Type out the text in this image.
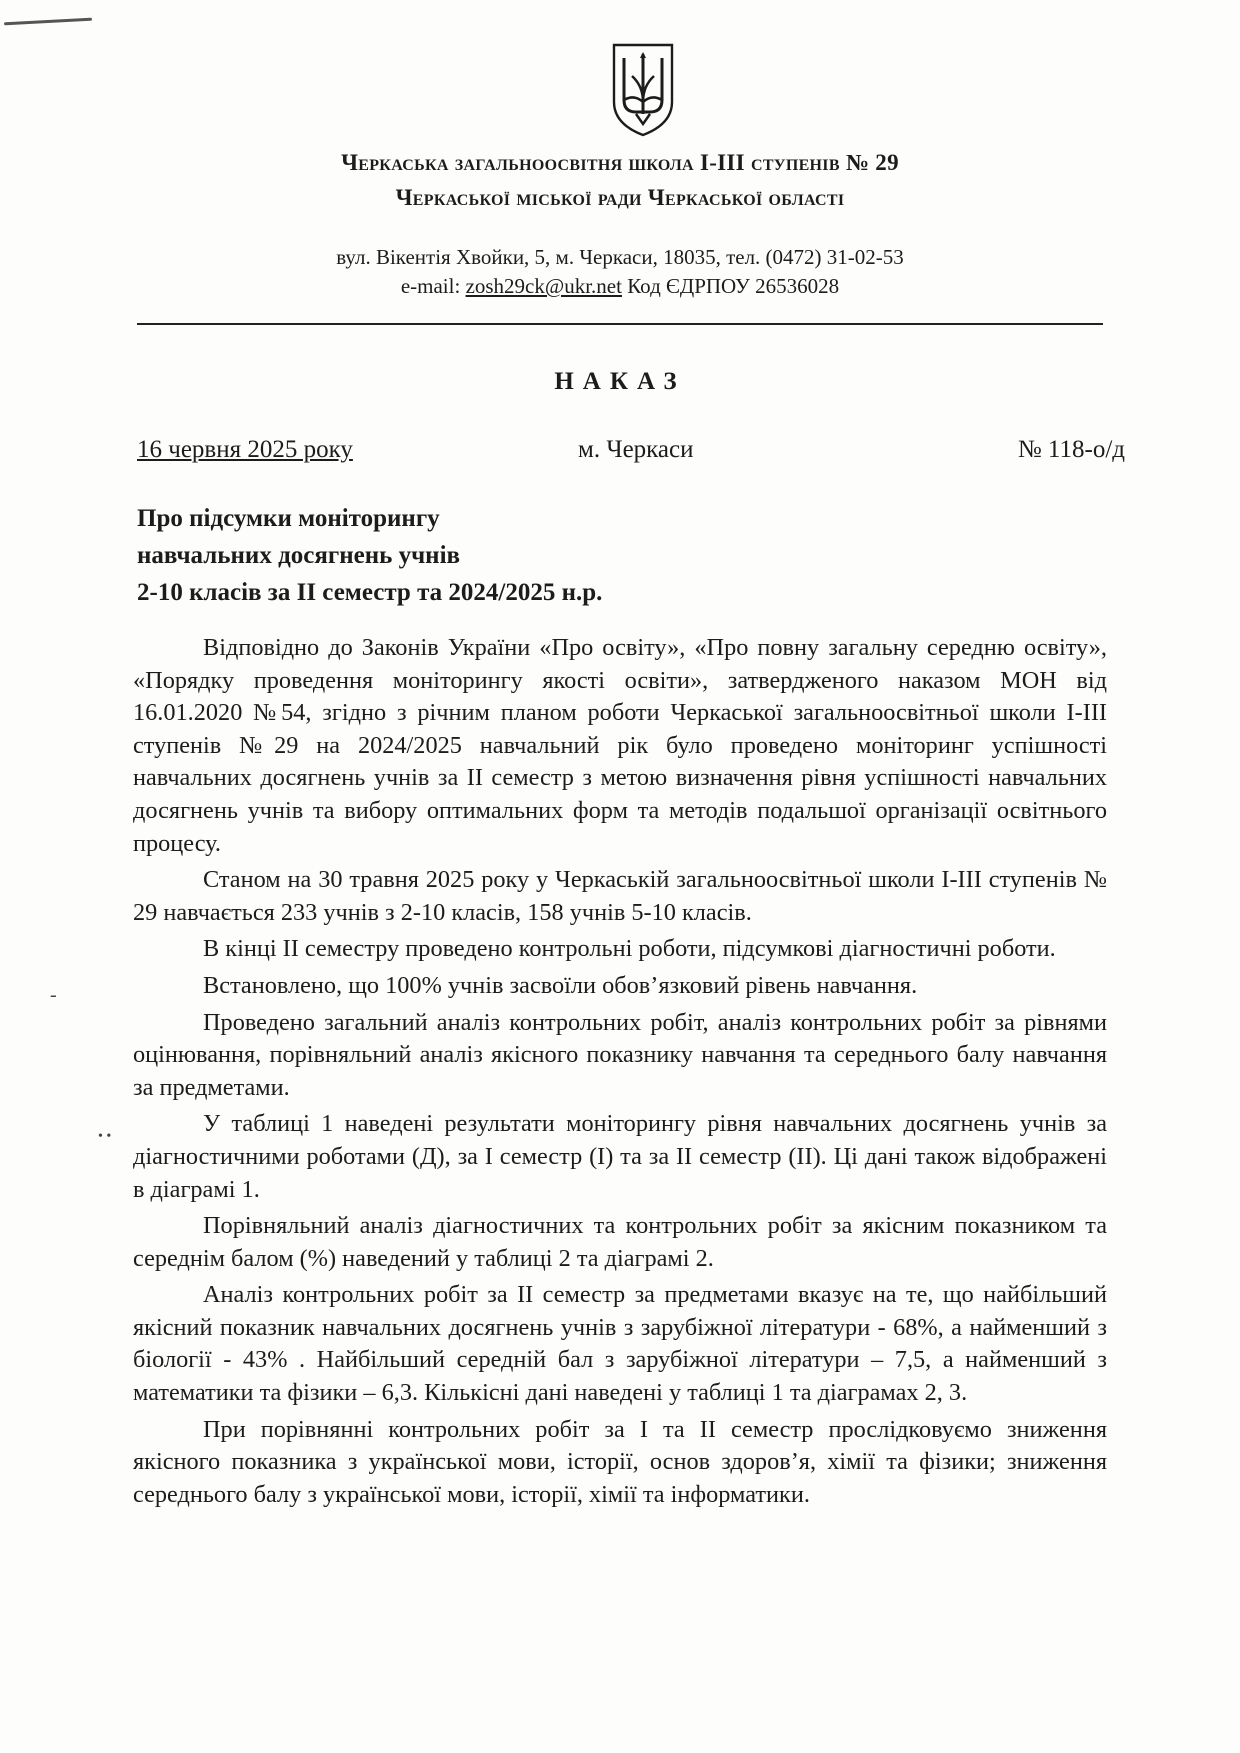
-
• •
Черкаська загальноосвітня школа І-ІІІ ступенів № 29
Черкаської міської ради Черкаської області
вул. Вікентія Хвойки, 5, м. Черкаси, 18035, тел. (0472) 31-02-53
e-mail: zosh29ck@ukr.net Код ЄДРПОУ 26536028
НАКАЗ
16 червня 2025 року	м. Черкаси	№ 118-о/д
Про підсумки моніторингу
навчальних досягнень учнів
2-10 класів за ІІ семестр та 2024/2025 н.р.

Відповідно до Законів України «Про освіту», «Про повну загальну середню освіту», «Порядку проведення моніторингу якості освіти», затвердженого наказом МОН від 16.01.2020 №54, згідно з річним планом роботи Черкаської загальноосвітньої школи І-ІІІ ступенів №29 на 2024/2025 навчальний рік було проведено моніторинг успішності навчальних досягнень учнів за ІІ семестр з метою визначення рівня успішності навчальних досягнень учнів та вибору оптимальних форм та методів подальшої організації освітнього процесу.

Станом на 30 травня 2025 року у Черкаській загальноосвітньої школи І-ІІІ ступенів № 29 навчається 233 учнів з 2-10 класів, 158 учнів 5-10 класів.

В кінці ІІ семестру проведено контрольні роботи, підсумкові діагностичні роботи.

Встановлено, що 100% учнів засвоїли обов’язковий рівень навчання.

Проведено загальний аналіз контрольних робіт, аналіз контрольних робіт за рівнями оцінювання, порівняльний аналіз якісного показнику навчання та середнього балу навчання за предметами.

У таблиці 1 наведені результати моніторингу рівня навчальних досягнень учнів за діагностичними роботами (Д), за І семестр (І) та за ІІ семестр (ІІ). Ці дані також відображені в діаграмі 1.

Порівняльний аналіз діагностичних та контрольних робіт за якісним показником та середнім балом (%) наведений у таблиці 2 та діаграмі 2.

Аналіз контрольних робіт за ІІ семестр за предметами вказує на те, що найбільший якісний показник навчальних досягнень учнів з зарубіжної літератури - 68%, а найменший з біології - 43% . Найбільший середній бал з зарубіжної літератури – 7,5, а найменший з математики та фізики – 6,3. Кількісні дані наведені у таблиці 1 та діаграмах 2, 3.

При порівнянні контрольних робіт за І та ІІ семестр прослідковуємо зниження якісного показника з української мови, історії, основ здоров’я, хімії та фізики; зниження середнього балу з української мови, історії, хімії та інформатики.
